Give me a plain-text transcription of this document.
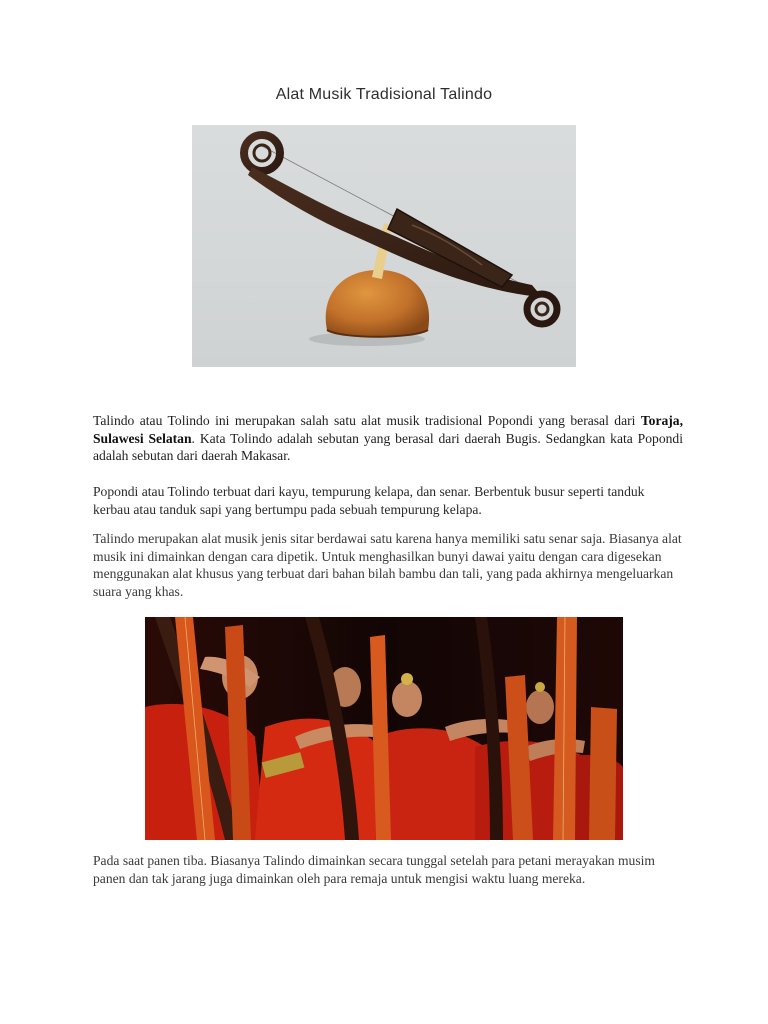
Alat Musik Tradisional Talindo

Talindo atau Tolindo ini merupakan salah satu alat musik tradisional Popondi yang berasal dari Toraja, Sulawesi Selatan. Kata Tolindo adalah sebutan yang berasal dari daerah Bugis. Sedangkan kata Popondi adalah sebutan dari daerah Makasar.

Popondi atau Tolindo terbuat dari kayu, tempurung kelapa, dan senar. Berbentuk busur seperti tanduk kerbau atau tanduk sapi yang bertumpu pada sebuah tempurung kelapa.

Talindo merupakan alat musik jenis sitar berdawai satu karena hanya memiliki satu senar saja. Biasanya alat musik ini dimainkan dengan cara dipetik. Untuk menghasilkan bunyi dawai yaitu dengan cara digesekan menggunakan alat khusus yang terbuat dari bahan bilah bambu dan tali, yang pada akhirnya mengeluarkan suara yang khas.

Pada saat panen tiba. Biasanya Talindo dimainkan secara tunggal setelah para petani merayakan musim panen dan tak jarang juga dimainkan oleh para remaja untuk mengisi waktu luang mereka.
